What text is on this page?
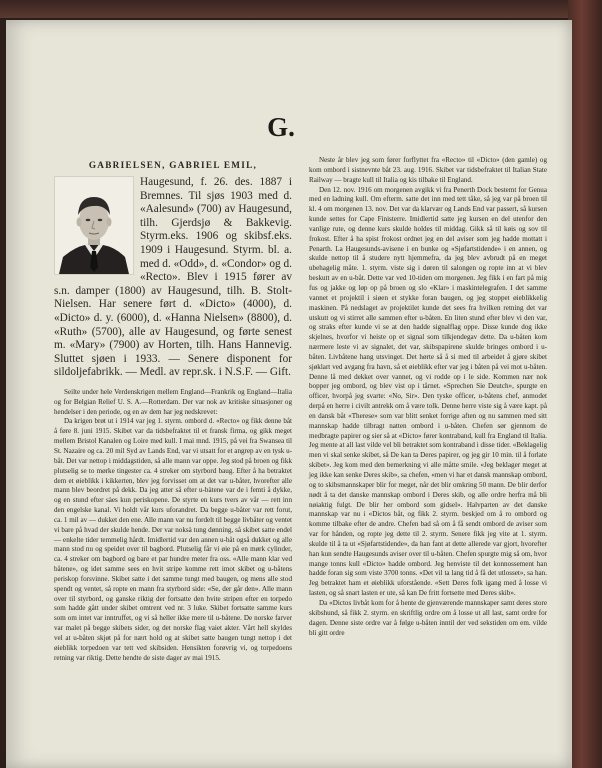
G.
GABRIELSEN, GABRIEL EMIL,

Haugesund, f. 26. des. 1887 i Bremnes. Til sjøs 1903 med d. «Aalesund» (700) av Haugesund, tilh. Gjerdsjø & Bakkevig. Styrm.eks. 1906 og skibsf.eks. 1909 i Haugesund. Styrm. bl. a. med d. «Odd», d. «Condor» og d. «Recto». Blev i 1915 fører av s.n. damper (1800) av Haugesund, tilh. B. Stolt-Nielsen. Har senere ført d. «Dicto» (4000), d. «Dicto» d. y. (6000), d. «Hanna Nielsen» (8800), d. «Ruth» (5700), alle av Haugesund, og førte senest m. «Mary» (7900) av Horten, tilh. Hans Hannevig. Sluttet sjøen i 1933. — Senere disponent for sildoljefabrikk. — Medl. av repr.sk. i N.S.F. — Gift.

Seilte under hele Verdenskrigen mellem England—Frankrik og England—Italia og for Belgian Relief U. S. A.—Rotterdam. Der var nok av kritiske situasjoner og hendelser i den periode, og en av dem har jeg nedskrevet:

Da krigen brøt ut i 1914 var jeg 1. styrm. ombord d. «Recto» og fikk denne båt å føre 8. juni 1915. Skibet var da tidsbefraktet til et fransk firma, og gikk meget mellem Bristol Kanalen og Loire med kull. I mai mnd. 1915, på vei fra Swansea til St. Nazaire og ca. 20 mil Syd av Lands End, var vi utsatt for et angrep av en tysk u-båt. Det var nettop i middagstiden, så alle mann var oppe. Jeg stod på broen og fikk plutselig se to mørke tingester ca. 4 streker om styrbord baug. Efter å ha betraktet dem et øieblikk i kikkerten, blev jeg forvisset om at det var u-båter, hvorefter alle mann blev beordret på dekk. Da jeg atter så efter u-bàtene var de i femti å dykke, og en stund efter sàes kun periskopene. De styrte en kurs tvers av vår — rett inn den engelske kanal. Vi holdt vår kurs uforandret. Da begge u-båter var rett forut, ca. 1 mil av — dukket den ene. Alle mann var nu fordelt til begge livbåter og ventet vi bare på hvad der skulde hende. Der var noksà tung dønning, så skibet satte endel — enkelte tider temmelig hårdt. Imidlertid var den annen u-båt også dukket og alle mann stod nu og speidet over til bagbord. Plutselig får vi øie på en mørk cylinder, ca. 4 streker om bagbord og bare et par hundre meter fra oss. «Alle mann klar ved båtene», og idet samme sees en hvit stripe komme rett imot skibet og u-båtens periskop forsvinne. Skibet satte i det samme tungt med baugen, og mens alle stod spendt og ventet, så ropte en mann fra styrbord side: «Se, der går den». Alle mann over til styrbord, og ganske riktig der fortsatte den hvite stripen efter en torpedo som hadde gått under skibet omtrent ved nr. 3 luke. Skibet fortsatte samme kurs som om intet var inntruffet, og vi så heller ikke mere til u-båtene. De norske farver var malet på begge skibets sider, og det norske flag vaiet akter. Vårt hell skyldes vel at u-båten skjøt på for nært hold og at skibet satte baugen tungt nettop i det øieblikk torpedoen var tett ved skibsiden. Hensikten forøvrig vi, og torpedoens retning var riktig. Dette hendte de siste dager av mai 1915.

Neste år blev jeg som fører forflyttet fra «Recto» til «Dicto» (den gamle) og kom ombord i sistnevnte båt 23. aug. 1916. Skibet var tidsbefraktet til Italian State Railway — bragte kull til Italia og kis tilbake til England.

Den 12. nov. 1916 om morgenen avgikk vi fra Penerth Dock bestemt for Genua med en ladning kull. Om efterm. satte det inn med tett tåke, så jeg var på broen til kl. 4 om morgenen 13. nov. Det var da klarvær og Lands End var passert, så kursen kunde settes for Cape Finisterre. Imidlertid satte jeg kursen en del utenfor den vanlige rute, og denne kurs skulde holdes til middag. Gikk så til køis og sov til frokost. Efter å ha spist frokost ordnet jeg en del aviser som jeg hadde mottatt i Penarth. La Haugesunds-avisene i en bunke og «Sjøfartstidende» i en annen, og skulde nettop til å studere nytt hjemmefra, da jeg blev avbrudt på en meget ubehagelig måte. 1. styrm. viste sig i døren til salongen og ropte inn at vi blev beskutt av en u-båt. Dette var ved 10-tiden om morgenen. Jeg fikk i en fart på mig fus og jakke og løp op på broen og slo «Klar» i maskintelegrafen. I det samme vannet et projektil i siøen et stykke foran baugen, og jeg stoppet øieblikkelig maskinen. På nedslaget av projektilet kunde det sees fra hvilken retning det var utskutt og vi stirret alle sammen efter u-båten. En liten stund efter blev vi den var, og straks efter kunde vi se at den hadde signalflag oppe. Disse kunde dog ikke skjelnes, hvorfor vi heiste op et signal som tilkjendegav dette. Da u-båten kom nærmere leste vi av signalet, det var, skibspapirene skulde bringes ombord i u-båten. Livbåtene hang utsvinget. Det hørte så å si med til arbeidet å gjøre skibet sjøklart ved avgang fra havn, så et øieblikk efter var jeg i båten på vei mot u-båten. Denne lå med dekket over vannet, og vi rodde op i le side. Kommen nær nok bopper jeg ombord, og blev vist op i tårnet. «Sprechen Sie Deutch», spurgte en officer, hvorpå jeg svarte: «No, Sir». Den tyske officer, u-båtens chef, anmodet derpå en herre i civilt antrekk om å være tolk. Denne herre viste sig å være kapt. på en dansk båt «Therese» som var blitt senket forrige aften og nu sammen med sitt mannskap hadde tilbragt natten ombord i u-båten. Chefen sør gjennom de medbragte papirer og sier så at «Dicto» fører kontraband, kull fra England til Italia. Jeg mente at all last vilde vel bli betraktet som kontraband i disse tider. «Beklagelig men vi skal senke skibet, så De kan ta Deres papirer, og jeg gir 10 min. til å forlate skibet». Jeg kom med den bemerkning vi alle måtte smile. «Jeg beklager meget at jeg ikke kan senke Deres skib», sa chefen, «men vi har et dansk mannskap ombord, og to skibsmannskaper blir for meget, når det blir omkring 50 mann. De blir derfor nødt å ta det danske mannskap ombord i Deres skib, og alle ordre herfra må bli nøiaktig fulgt. De blir her ombord som gidsel». Halvparten av det danske mannskap var nu i «Dictos båt, og fikk 2. styrm. beskjed om å ro ombord og komme tilbake efter de andre. Chefen bad så om å få sendt ombord de aviser som var for hånden, og ropte jeg dette til 2. styrm. Senere fikk jeg vite at 1. styrm. skulde til å ta ut «Sjøfartstidende», da han fant at dette allerede var gjort, hvorefter han kun sendte Haugesunds aviser over til u-båten. Chefen spurgte mig så om, hvor mange tonns kull «Dicto» hadde ombord. Jeg henviste til det konnossement han hadde foran sig som viste 3700 tonns. «Det vil ta lang tid å få det utlosset», sa han. Jeg betraktet ham et øieblikk uforstående. «Sett Deres folk igang med å losse vi lasten, og så snart lasten er ute, så kan De fritt fortsette med Deres skib».

Da «Dictos livbåt kom for å hente de gjenværende mannskaper samt deres store skibshund, så fikk 2. styrm. en skriftlig ordre om å losse ut all last, samt ordre for dagen. Denne siste ordre var å følge u-båten inntil der ved sekstiden om em. vilde bli gitt ordre
